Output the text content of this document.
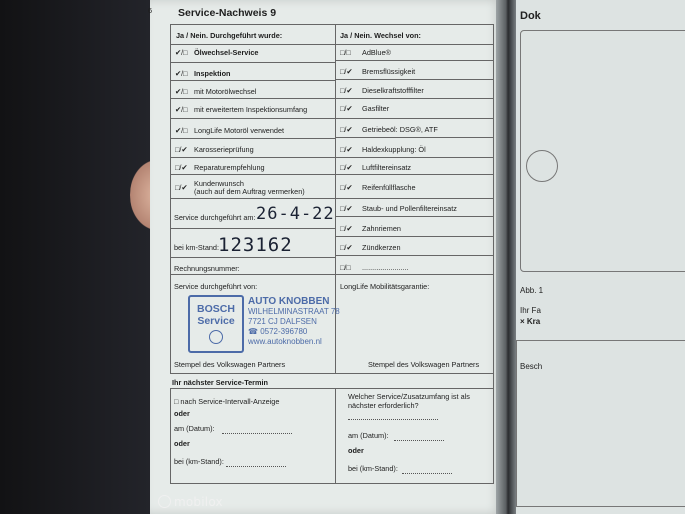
6 Service-Nachweis 9
Ja / Nein. Durchgeführt wurde:	Ja / Nein. Wechsel von:
✔/□ Ölwechsel-Service
✔/□ Inspektion
✔/□ mit Motorölwechsel
✔/□ mit erweitertem Inspektionsumfang
✔/□ LongLife Motoröl verwendet
□/✔ Karosserieprüfung
□/✔ Reparaturempfehlung
□/✔ Kundenwunsch
(auch auf dem Auftrag vermerken)
Service durchgeführt am: 26-4-22
bei km-Stand:
123162
Rechnungsnummer:
□/□ AdBlue®
□/✔ Bremsflüssigkeit
□/✔ Dieselkraftstofffilter
□/✔ Gasfilter
□/✔ Getriebeöl: DSG®, ATF
□/✔ Haldexkupplung: Öl
□/✔ Luftfiltereinsatz
□/✔ Reifenfüllflasche
□/✔ Staub- und Pollenfiltereinsatz
□/✔ Zahnriemen
□/✔ Zündkerzen
□/□ .......................
Service durchgeführt von:	LongLife Mobilitätsgarantie:
BOSCH
Service
AUTO KNOBBEN
WILHELMINASTRAAT 78
7721 CJ DALFSEN
☎ 0572-396780
www.autoknobben.nl
Stempel des Volkswagen Partners	Stempel des Volkswagen Partners
Ihr nächster Service-Termin
□ nach Service-Intervall-Anzeige
oder
am (Datum):
oder
bei (km-Stand):
Welcher Service/Zusatzumfang ist als nächster erforderlich?
am (Datum):
oder
bei (km-Stand):
Dok
Abb. 1
Ihr Fa
× Kra
Besch
mobilox
